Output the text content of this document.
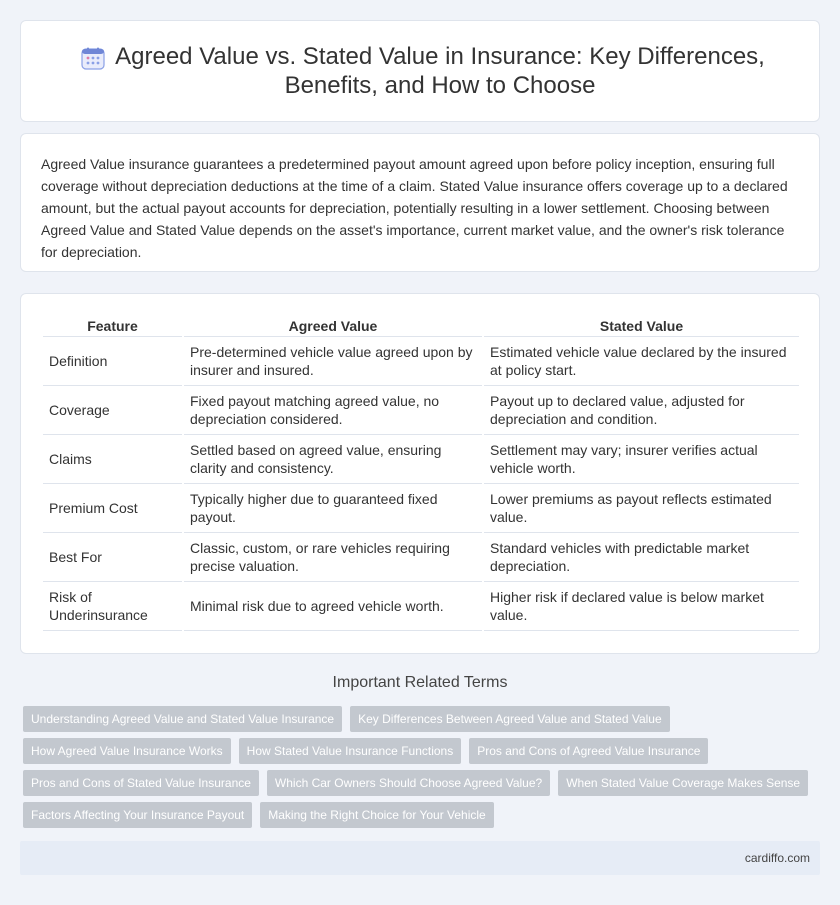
Agreed Value vs. Stated Value in Insurance: Key Differences, Benefits, and How to Choose

Agreed Value insurance guarantees a predetermined payout amount agreed upon before policy inception, ensuring full coverage without depreciation deductions at the time of a claim. Stated Value insurance offers coverage up to a declared amount, but the actual payout accounts for depreciation, potentially resulting in a lower settlement. Choosing between Agreed Value and Stated Value depends on the asset's importance, current market value, and the owner's risk tolerance for depreciation.

Feature	Agreed Value	Stated Value
Definition	Pre-determined vehicle value agreed upon by insurer and insured.	Estimated vehicle value declared by the insured at policy start.
Coverage	Fixed payout matching agreed value, no depreciation considered.	Payout up to declared value, adjusted for depreciation and condition.
Claims	Settled based on agreed value, ensuring clarity and consistency.	Settlement may vary; insurer verifies actual vehicle worth.
Premium Cost	Typically higher due to guaranteed fixed payout.	Lower premiums as payout reflects estimated value.
Best For	Classic, custom, or rare vehicles requiring precise valuation.	Standard vehicles with predictable market depreciation.
Risk of Underinsurance	Minimal risk due to agreed vehicle worth.	Higher risk if declared value is below market value.
Important Related Terms
Understanding Agreed Value and Stated Value Insurance	Key Differences Between Agreed Value and Stated Value
How Agreed Value Insurance Works	How Stated Value Insurance Functions	Pros and Cons of Agreed Value Insurance
Pros and Cons of Stated Value Insurance	Which Car Owners Should Choose Agreed Value?	When Stated Value Coverage Makes Sense
Factors Affecting Your Insurance Payout	Making the Right Choice for Your Vehicle
cardiffo.com
